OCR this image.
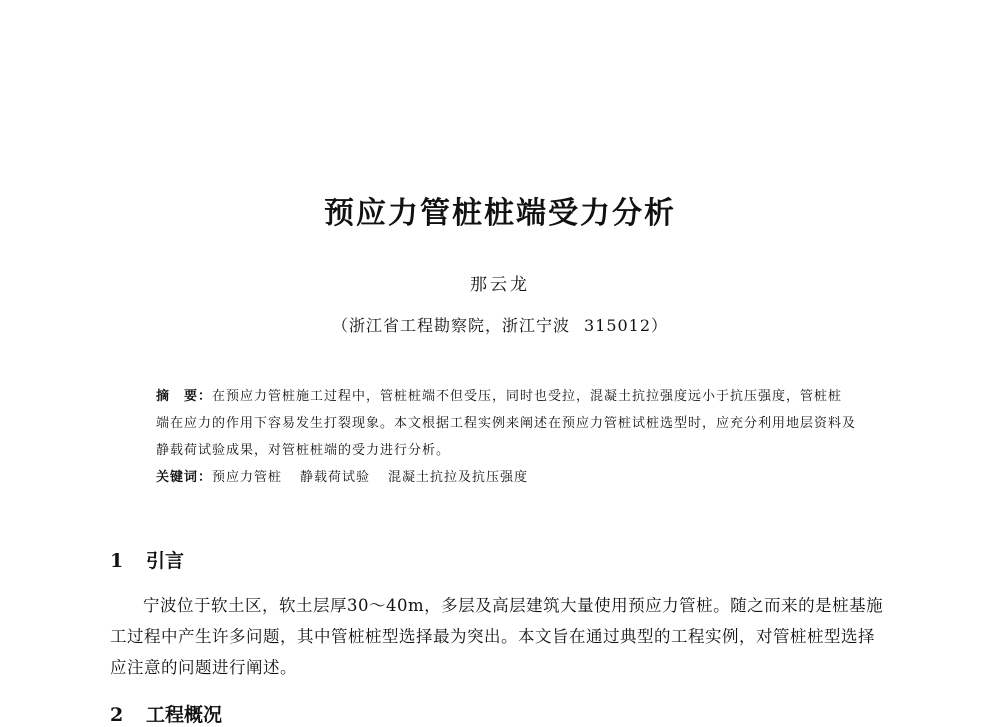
预应力管桩桩端受力分析
那云龙
（浙江省工程勘察院，浙江宁波 315012）

摘　要：在预应力管桩施工过程中，管桩桩端不但受压，同时也受拉，混凝土抗拉强度远小于抗压强度，管桩桩端在应力的作用下容易发生打裂现象。本文根据工程实例来阐述在预应力管桩试桩选型时，应充分利用地层资料及静载荷试验成果，对管桩桩端的受力进行分析。

关键词：预应力管桩 静载荷试验 混凝土抗拉及抗压强度

1 引言

宁波位于软土区，软土层厚30～40m，多层及高层建筑大量使用预应力管桩。随之而来的是桩基施工过程中产生许多问题，其中管桩桩型选择最为突出。本文旨在通过典型的工程实例，对管桩桩型选择应注意的问题进行阐述。

2 工程概况
